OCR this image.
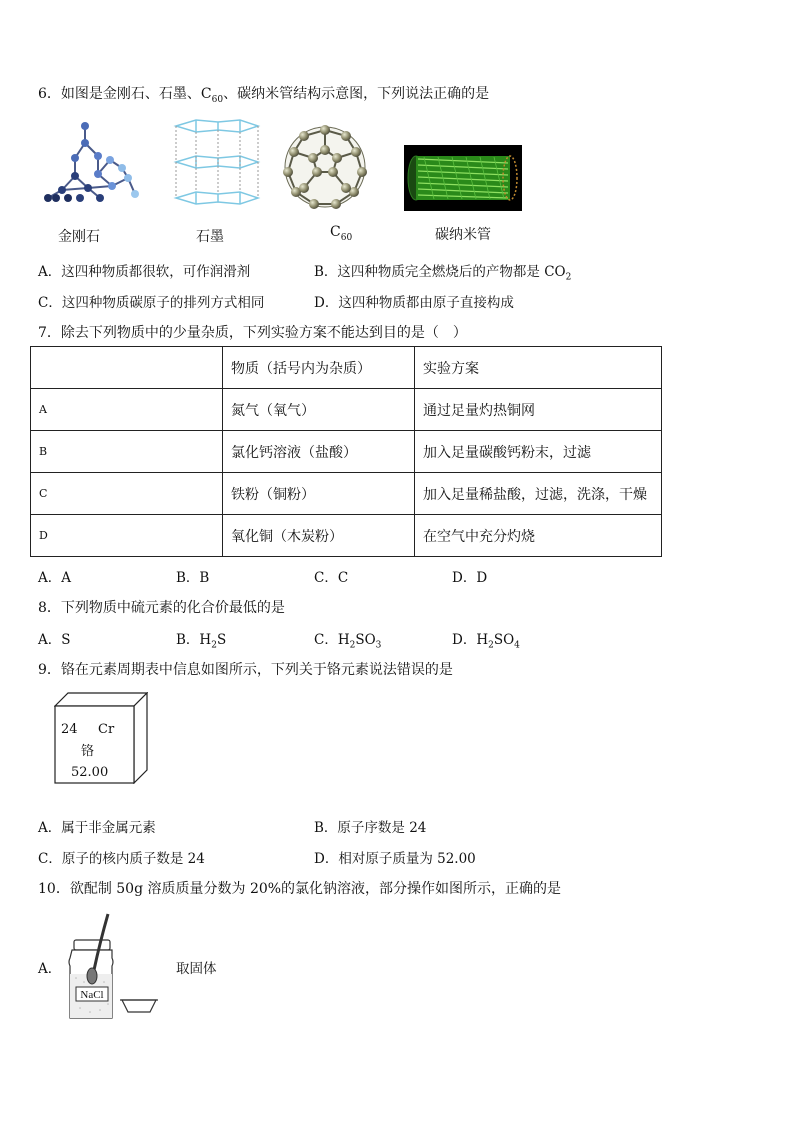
6．如图是金刚石、石墨、$C_{60}$、碳纳米管结构示意图，下列说法正确的是
金刚石	石墨	$C_{60}$	碳纳米管
A．这四种物质都很软，可作润滑剂	B．这四种物质完全燃烧后的产物都是 $CO_2$
C．这四种物质碳原子的排列方式相同	D．这四种物质都由原子直接构成
7．除去下列物质中的少量杂质，下列实验方案不能达到目的是（　）
	物质（括号内为杂质）	实验方案
A	氮气（氧气）	通过足量灼热铜网
B	氯化钙溶液（盐酸）	加入足量碳酸钙粉末，过滤
C	铁粉（铜粉）	加入足量稀盐酸，过滤，洗涤，干燥
D	氧化铜（木炭粉）	在空气中充分灼烧
A．A	B．B	C．C	D．D
8．下列物质中硫元素的化合价最低的是
A．S	B．$H_2S$	C．$H_2SO_3$	D．$H_2SO_4$
9．铬在元素周期表中信息如图所示，下列关于铬元素说法错误的是
24 Cr
铬
52.00
A．属于非金属元素	B．原子序数是 24
C．原子的核内质子数是 24	D．相对原子质量为 52.00
10．欲配制 50g 溶质质量分数为 20%的氯化钠溶液，部分操作如图所示，正确的是
A．
NaCl
取固体
